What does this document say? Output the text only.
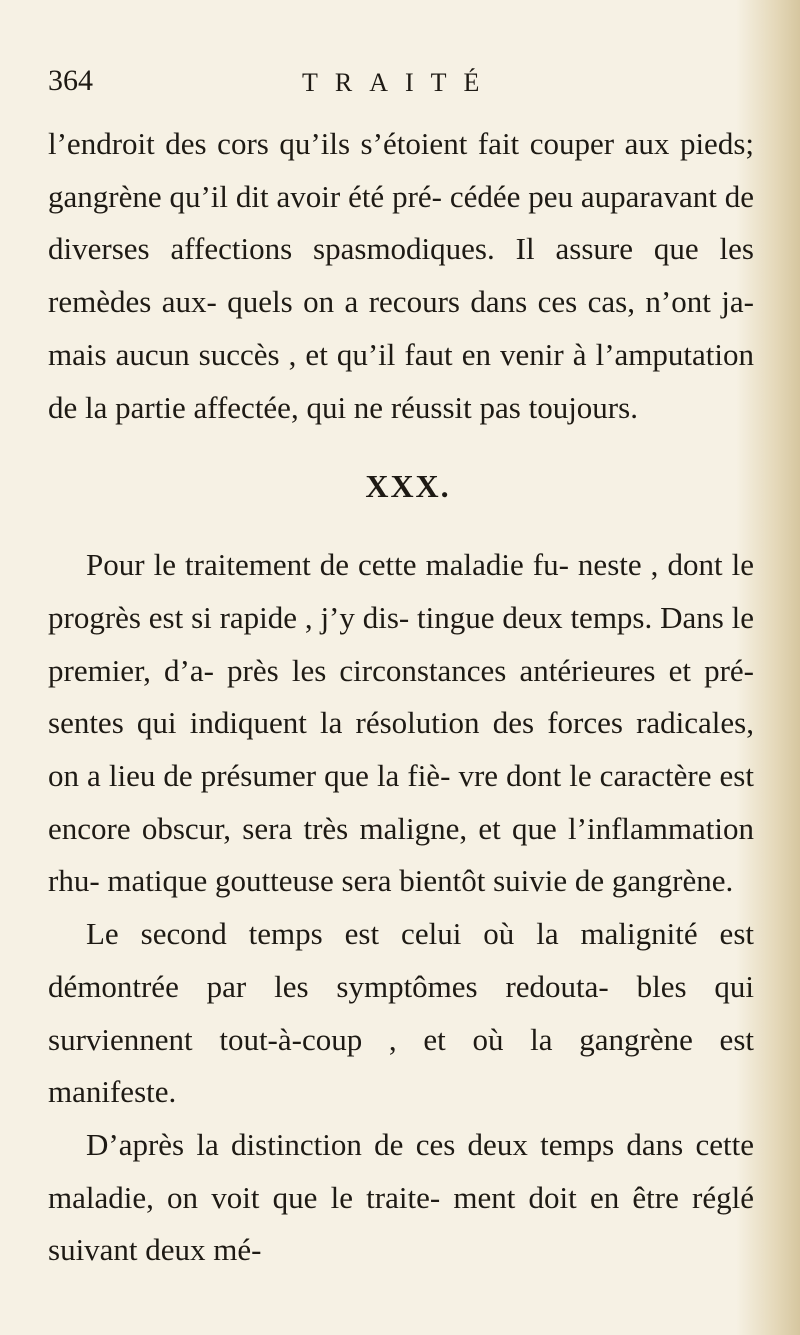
364	TRAITÉ

l’endroit des cors qu’ils s’étoient fait couper aux pieds; gangrène qu’il dit avoir été pré- cédée peu auparavant de diverses affections spasmodiques. Il assure que les remèdes aux- quels on a recours dans ces cas, n’ont ja- mais aucun succès , et qu’il faut en venir à l’amputation de la partie affectée, qui ne réussit pas toujours.

XXX.

Pour le traitement de cette maladie fu- neste , dont le progrès est si rapide , j’y dis- tingue deux temps. Dans le premier, d’a- près les circonstances antérieures et pré- sentes qui indiquent la résolution des forces radicales, on a lieu de présumer que la fiè- vre dont le caractère est encore obscur, sera très maligne, et que l’inflammation rhu- matique goutteuse sera bientôt suivie de gangrène.

Le second temps est celui où la malignité est démontrée par les symptômes redouta- bles qui surviennent tout-à-coup , et où la gangrène est manifeste.

D’après la distinction de ces deux temps dans cette maladie, on voit que le traite- ment doit en être réglé suivant deux mé-
